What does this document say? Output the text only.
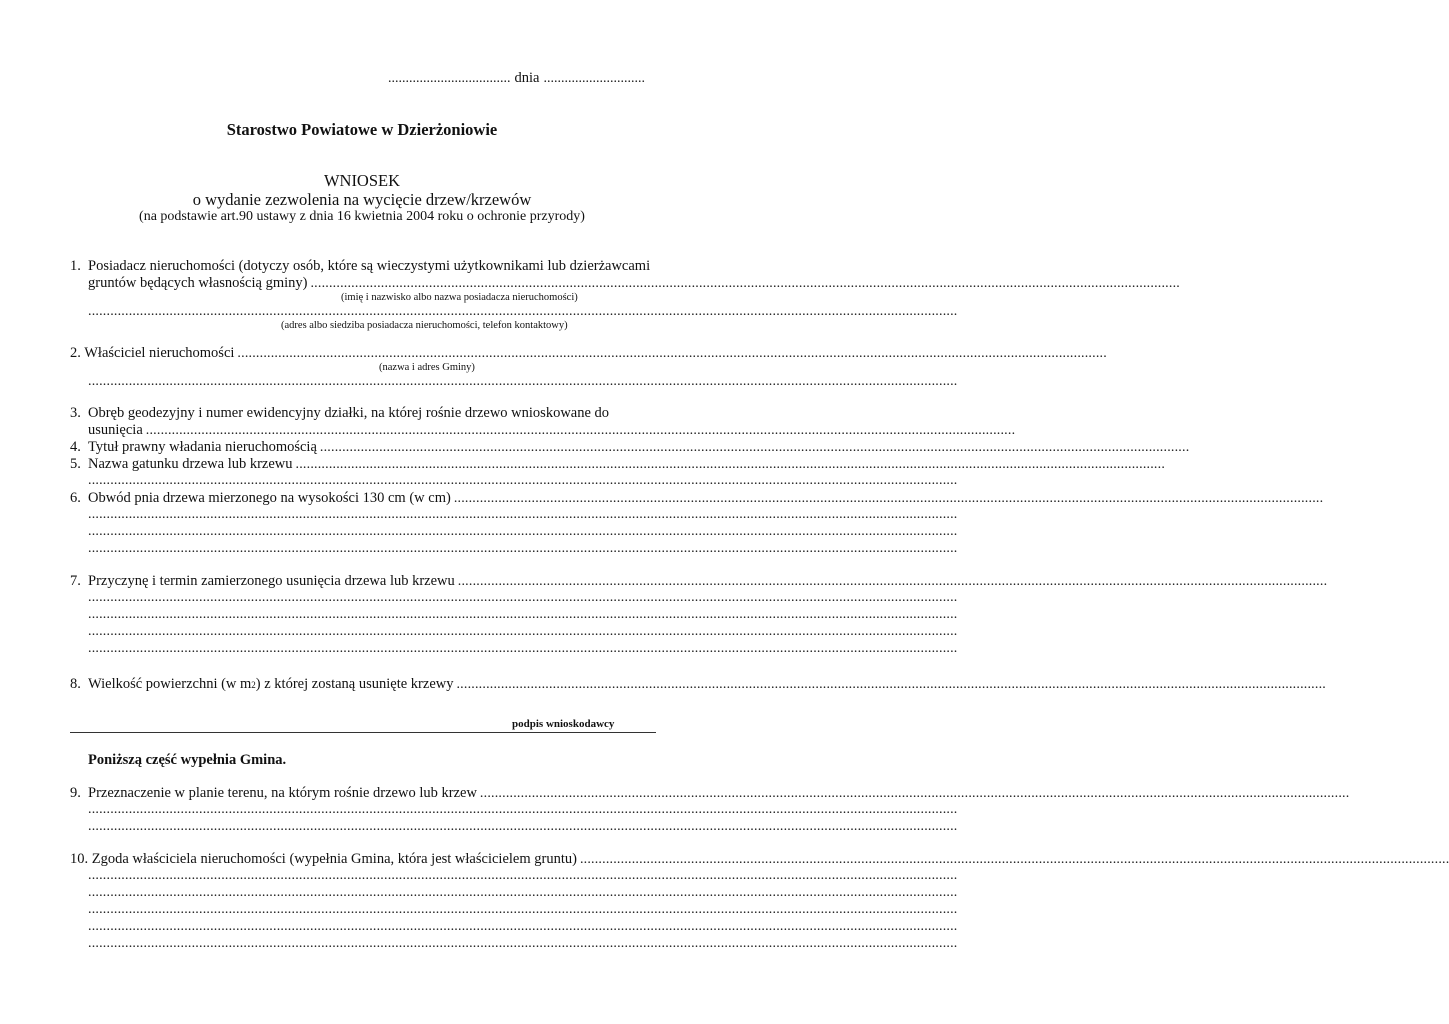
................................... dnia .............................
Starostwo Powiatowe w Dzierżoniowie
WNIOSEK
o wydanie zezwolenia na wycięcie drzew/krzewów
(na podstawie art.90 ustawy z dnia 16 kwietnia 2004 roku o ochronie przyrody)
1. Posiadacz nieruchomości (dotyczy osób, które są wieczystymi użytkownikami lub dzierżawcami
gruntów będących własnością gminy) ...........................................................................................................................................................................................................................................
(imię i nazwisko albo nazwa posiadacza nieruchomości)
...........................................................................................................................................................................................................................................
(adres albo siedziba posiadacza nieruchomości, telefon kontaktowy)
2. Właściciel nieruchomości ...........................................................................................................................................................................................................................................
(nazwa i adres Gminy)
...........................................................................................................................................................................................................................................
3. Obręb geodezyjny i numer ewidencyjny działki, na której rośnie drzewo wnioskowane do
usunięcia ...........................................................................................................................................................................................................................................
4. Tytuł prawny władania nieruchomością ...........................................................................................................................................................................................................................................
5. Nazwa gatunku drzewa lub krzewu ...........................................................................................................................................................................................................................................
...........................................................................................................................................................................................................................................
6. Obwód pnia drzewa mierzonego na wysokości 130 cm (w cm) ...........................................................................................................................................................................................................................................
...........................................................................................................................................................................................................................................
...........................................................................................................................................................................................................................................
...........................................................................................................................................................................................................................................
7. Przyczynę i termin zamierzonego usunięcia drzewa lub krzewu ...........................................................................................................................................................................................................................................
...........................................................................................................................................................................................................................................
...........................................................................................................................................................................................................................................
...........................................................................................................................................................................................................................................
...........................................................................................................................................................................................................................................
8. Wielkość powierzchni (w m 2 ) z której zostaną usunięte krzewy ...........................................................................................................................................................................................................................................
podpis wnioskodawcy
Poniższą część wypełnia Gmina.
9. Przeznaczenie w planie terenu, na którym rośnie drzewo lub krzew ...........................................................................................................................................................................................................................................
...........................................................................................................................................................................................................................................
...........................................................................................................................................................................................................................................
10. Zgoda właściciela nieruchomości (wypełnia Gmina, która jest właścicielem gruntu) ...........................................................................................................................................................................................................................................
...........................................................................................................................................................................................................................................
...........................................................................................................................................................................................................................................
...........................................................................................................................................................................................................................................
...........................................................................................................................................................................................................................................
...........................................................................................................................................................................................................................................
